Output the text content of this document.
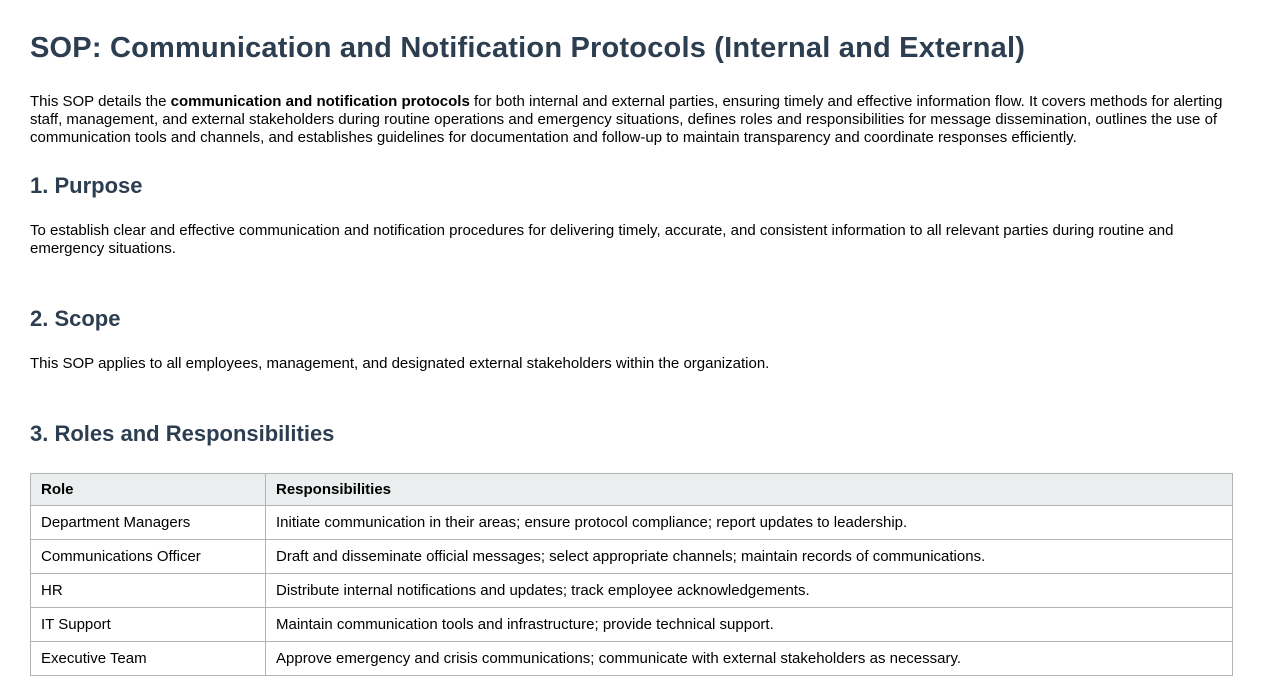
SOP: Communication and Notification Protocols (Internal and External)

This SOP details the communication and notification protocols for both internal and external parties, ensuring timely and effective information flow. It covers methods for alerting staff, management, and external stakeholders during routine operations and emergency situations, defines roles and responsibilities for message dissemination, outlines the use of communication tools and channels, and establishes guidelines for documentation and follow-up to maintain transparency and coordinate responses efficiently.

1. Purpose

To establish clear and effective communication and notification procedures for delivering timely, accurate, and consistent information to all relevant parties during routine and emergency situations.

2. Scope

This SOP applies to all employees, management, and designated external stakeholders within the organization.

3. Roles and Responsibilities
Role	Responsibilities
Department Managers	Initiate communication in their areas; ensure protocol compliance; report updates to leadership.
Communications Officer	Draft and disseminate official messages; select appropriate channels; maintain records of communications.
HR	Distribute internal notifications and updates; track employee acknowledgements.
IT Support	Maintain communication tools and infrastructure; provide technical support.
Executive Team	Approve emergency and crisis communications; communicate with external stakeholders as necessary.
